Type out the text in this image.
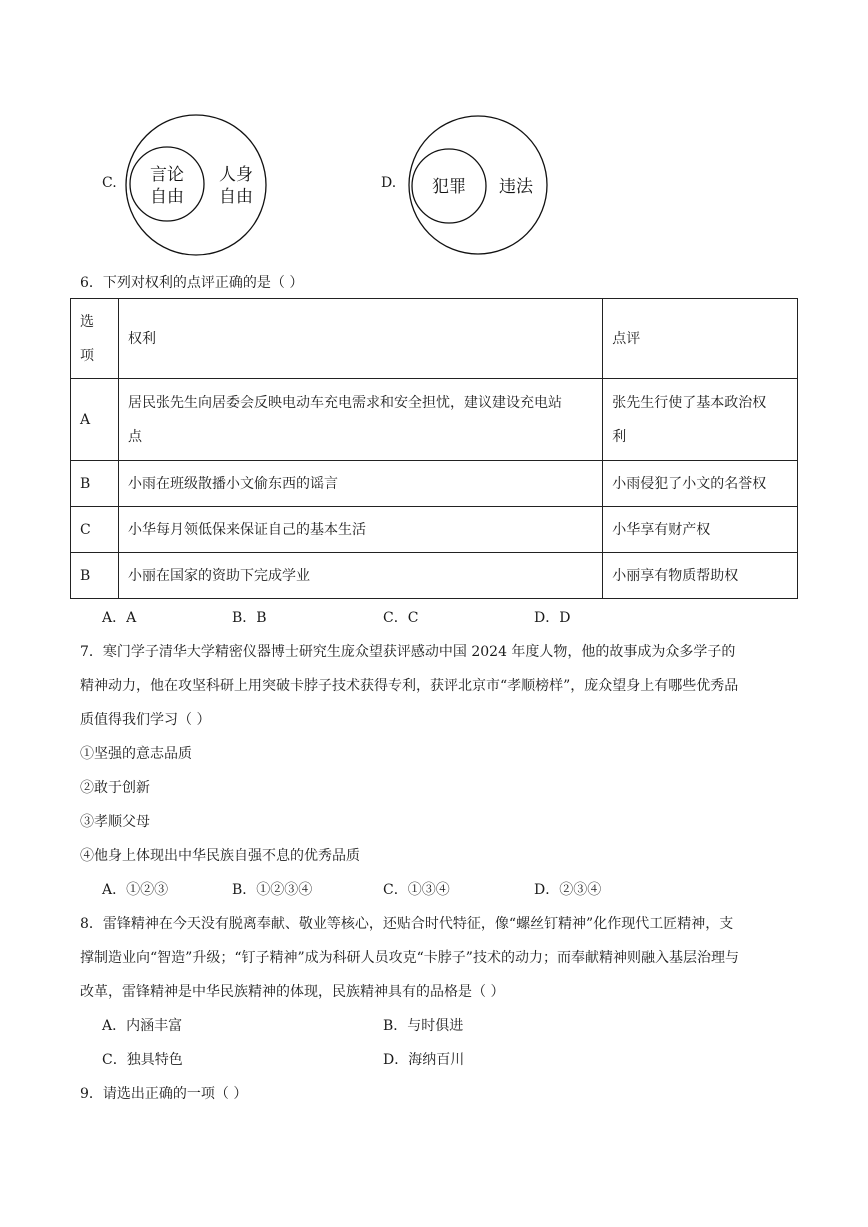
C. 言论
自由
人身
自由
D. 犯罪 违法
6．下列对权利的点评正确的是（ ）
选
项	权利	点评
A	居民张先生向居委会反映电动车充电需求和安全担忧，建议建设充电站
点	张先生行使了基本政治权
利
B	小雨在班级散播小文偷东西的谣言	小雨侵犯了小文的名誉权
C	小华每月领低保来保证自己的基本生活	小华享有财产权
B	小丽在国家的资助下完成学业	小丽享有物质帮助权
A．A	B．B	C．C	D．D
7．寒门学子清华大学精密仪器博士研究生庞众望获评感动中国 2024 年度人物，他的故事成为众多学子的
精神动力，他在攻坚科研上用突破卡脖子技术获得专利，获评北京市“孝顺榜样”，庞众望身上有哪些优秀品
质值得我们学习（ ）
①坚强的意志品质
②敢于创新
③孝顺父母
④他身上体现出中华民族自强不息的优秀品质
A．①②③	B．①②③④	C．①③④	D．②③④
8．雷锋精神在今天没有脱离奉献、敬业等核心，还贴合时代特征，像“螺丝钉精神”化作现代工匠精神，支
撑制造业向“智造”升级；“钉子精神”成为科研人员攻克“卡脖子”技术的动力；而奉献精神则融入基层治理与
改革，雷锋精神是中华民族精神的体现，民族精神具有的品格是（ ）
A．内涵丰富	B．与时俱进
C．独具特色	D．海纳百川
9．请选出正确的一项（ ）
